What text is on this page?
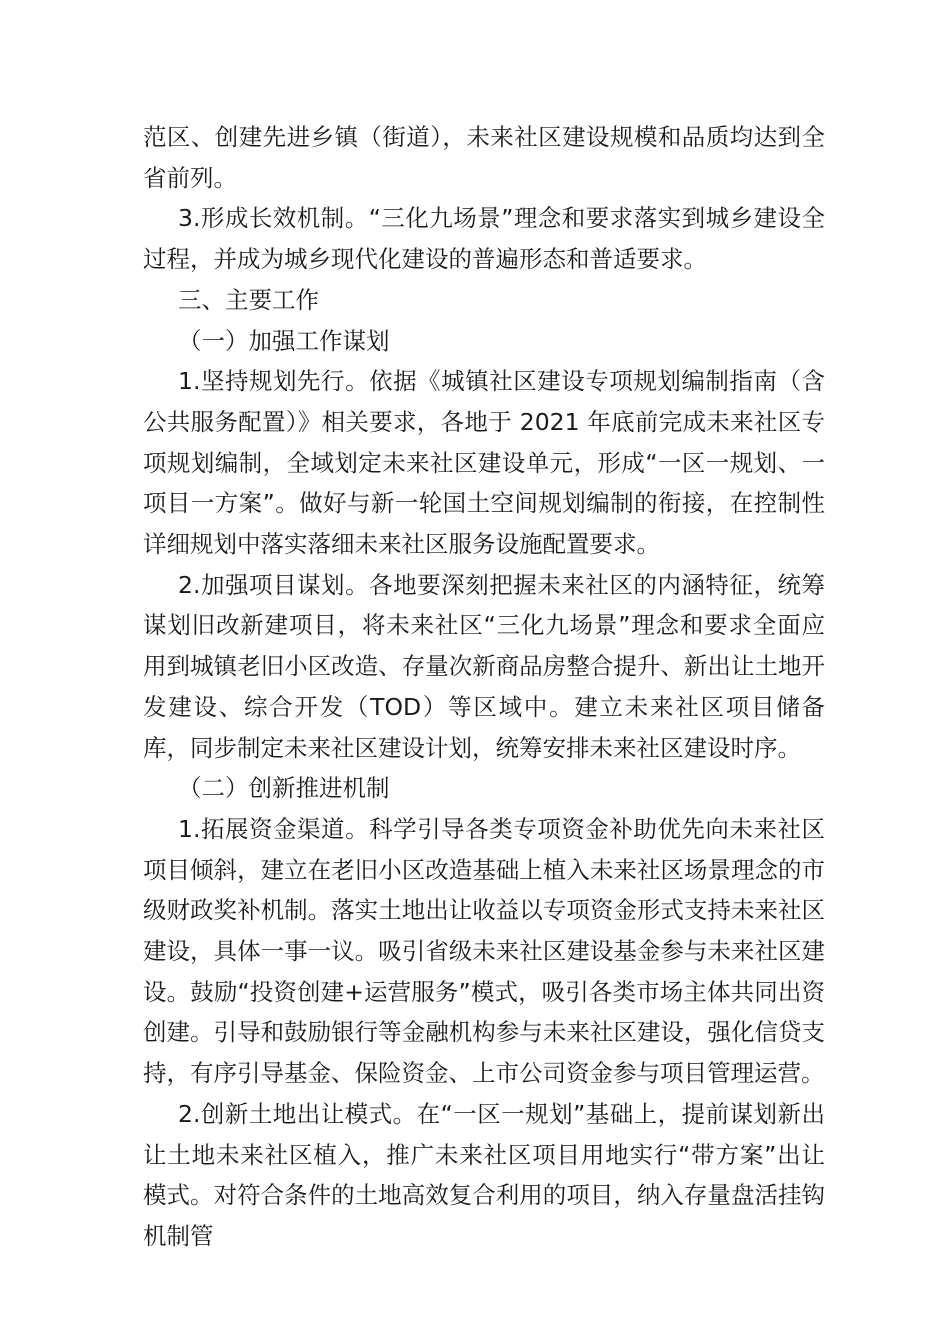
范区、创建先进乡镇（街道），未来社区建设规模和品质均达到全省前列。

3.形成长效机制。“三化九场景”理念和要求落实到城乡建设全过程，并成为城乡现代化建设的普遍形态和普适要求。

三、主要工作

（一）加强工作谋划

1.坚持规划先行。依据《城镇社区建设专项规划编制指南（含公共服务配置）》相关要求，各地于 2021 年底前完成未来社区专项规划编制，全域划定未来社区建设单元，形成“一区一规划、一项目一方案”。做好与新一轮国土空间规划编制的衔接，在控制性详细规划中落实落细未来社区服务设施配置要求。

2.加强项目谋划。各地要深刻把握未来社区的内涵特征，统筹谋划旧改新建项目，将未来社区“三化九场景”理念和要求全面应用到城镇老旧小区改造、存量次新商品房整合提升、新出让土地开发建设、综合开发（TOD）等区域中。建立未来社区项目储备库，同步制定未来社区建设计划，统筹安排未来社区建设时序。

（二）创新推进机制

1.拓展资金渠道。科学引导各类专项资金补助优先向未来社区项目倾斜，建立在老旧小区改造基础上植入未来社区场景理念的市级财政奖补机制。落实土地出让收益以专项资金形式支持未来社区建设，具体一事一议。吸引省级未来社区建设基金参与未来社区建设。鼓励“投资创建+运营服务”模式，吸引各类市场主体共同出资创建。引导和鼓励银行等金融机构参与未来社区建设，强化信贷支持，有序引导基金、保险资金、上市公司资金参与项目管理运营。

2.创新土地出让模式。在“一区一规划”基础上，提前谋划新出让土地未来社区植入，推广未来社区项目用地实行“带方案”出让模式。对符合条件的土地高效复合利用的项目，纳入存量盘活挂钩机制管
